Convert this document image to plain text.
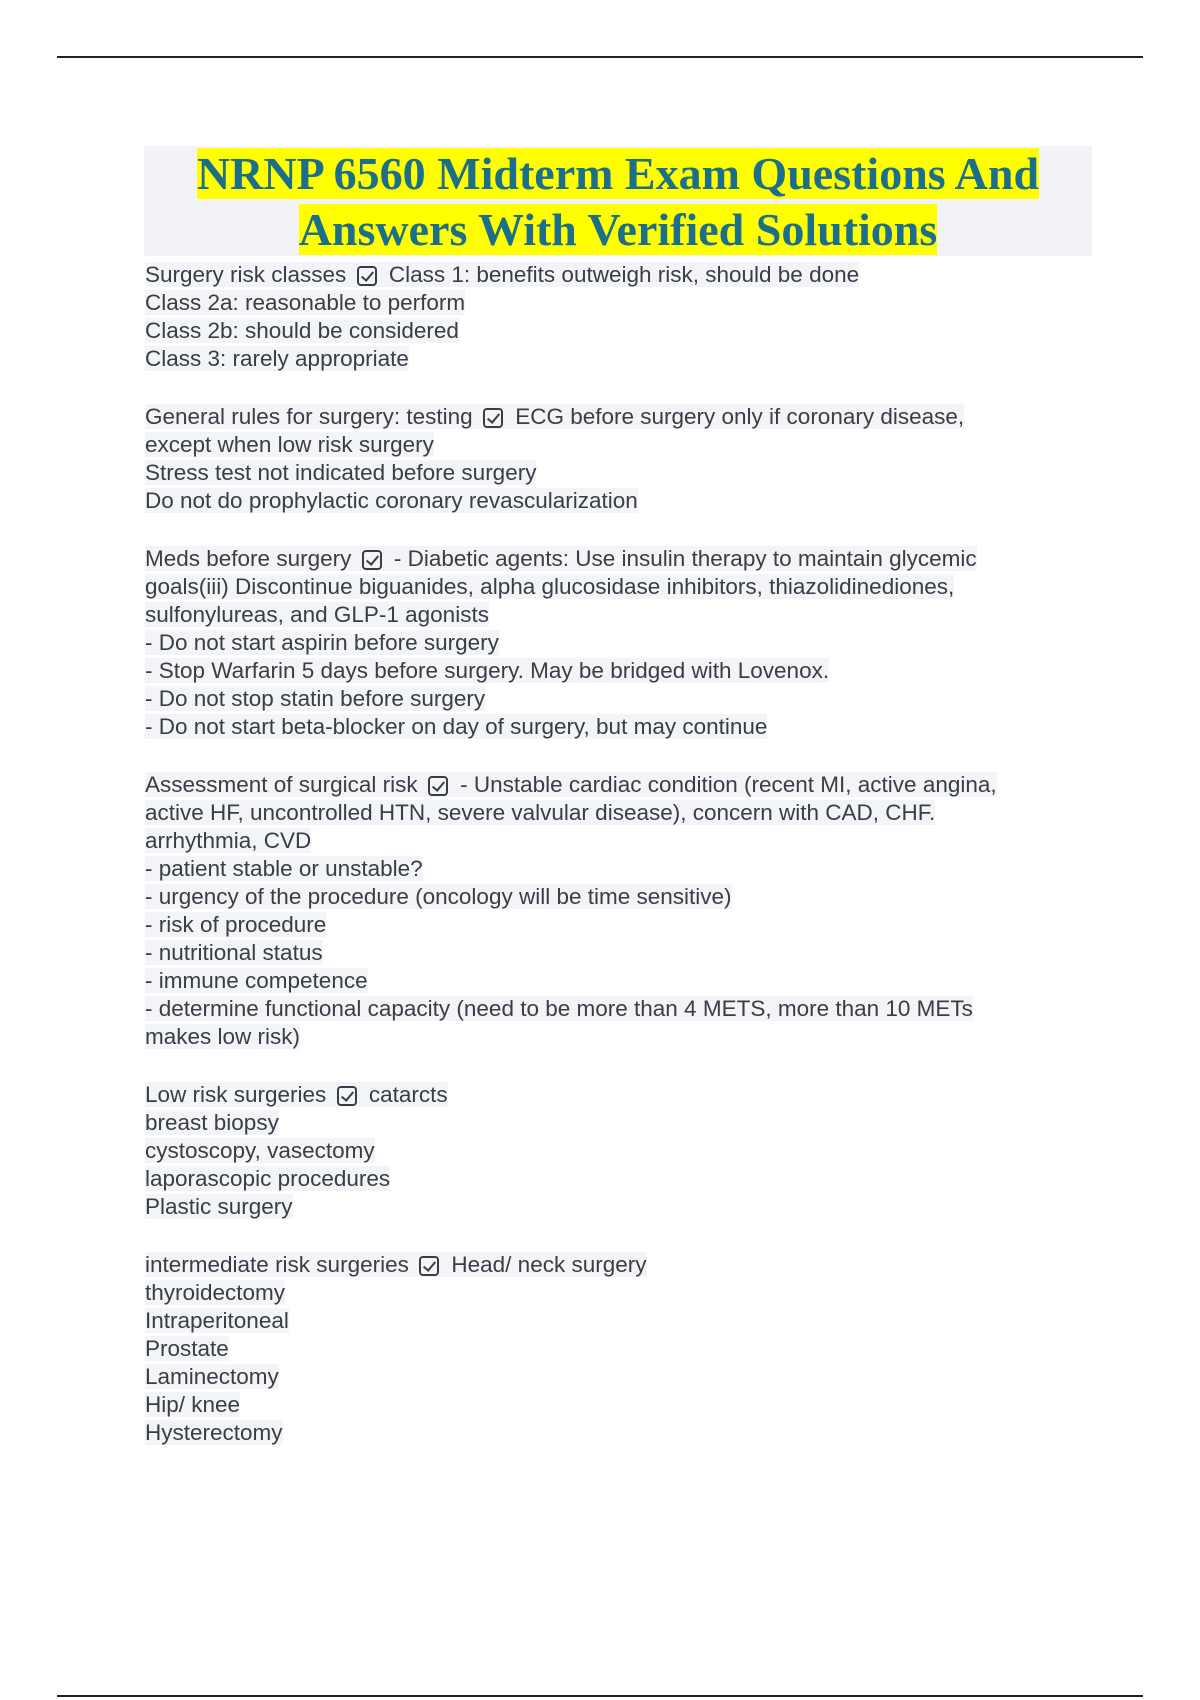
NRNP 6560 Midterm Exam Questions And

Answers With Verified Solutions

Surgery risk classes Class 1: benefits outweigh risk, should be done
Class 2a: reasonable to perform
Class 2b: should be considered
Class 3: rarely appropriate
General rules for surgery: testing ECG before surgery only if coronary disease,
except when low risk surgery
Stress test not indicated before surgery
Do not do prophylactic coronary revascularization
Meds before surgery - Diabetic agents: Use insulin therapy to maintain glycemic
goals(iii) Discontinue biguanides, alpha glucosidase inhibitors, thiazolidinediones,
sulfonylureas, and GLP-1 agonists
- Do not start aspirin before surgery
- Stop Warfarin 5 days before surgery. May be bridged with Lovenox.
- Do not stop statin before surgery
- Do not start beta-blocker on day of surgery, but may continue
Assessment of surgical risk - Unstable cardiac condition (recent MI, active angina,
active HF, uncontrolled HTN, severe valvular disease), concern with CAD, CHF.
arrhythmia, CVD
- patient stable or unstable?
- urgency of the procedure (oncology will be time sensitive)
- risk of procedure
- nutritional status
- immune competence
- determine functional capacity (need to be more than 4 METS, more than 10 METs
makes low risk)
Low risk surgeries catarcts
breast biopsy
cystoscopy, vasectomy
laporascopic procedures
Plastic surgery
intermediate risk surgeries Head/ neck surgery
thyroidectomy
Intraperitoneal
Prostate
Laminectomy
Hip/ knee
Hysterectomy
